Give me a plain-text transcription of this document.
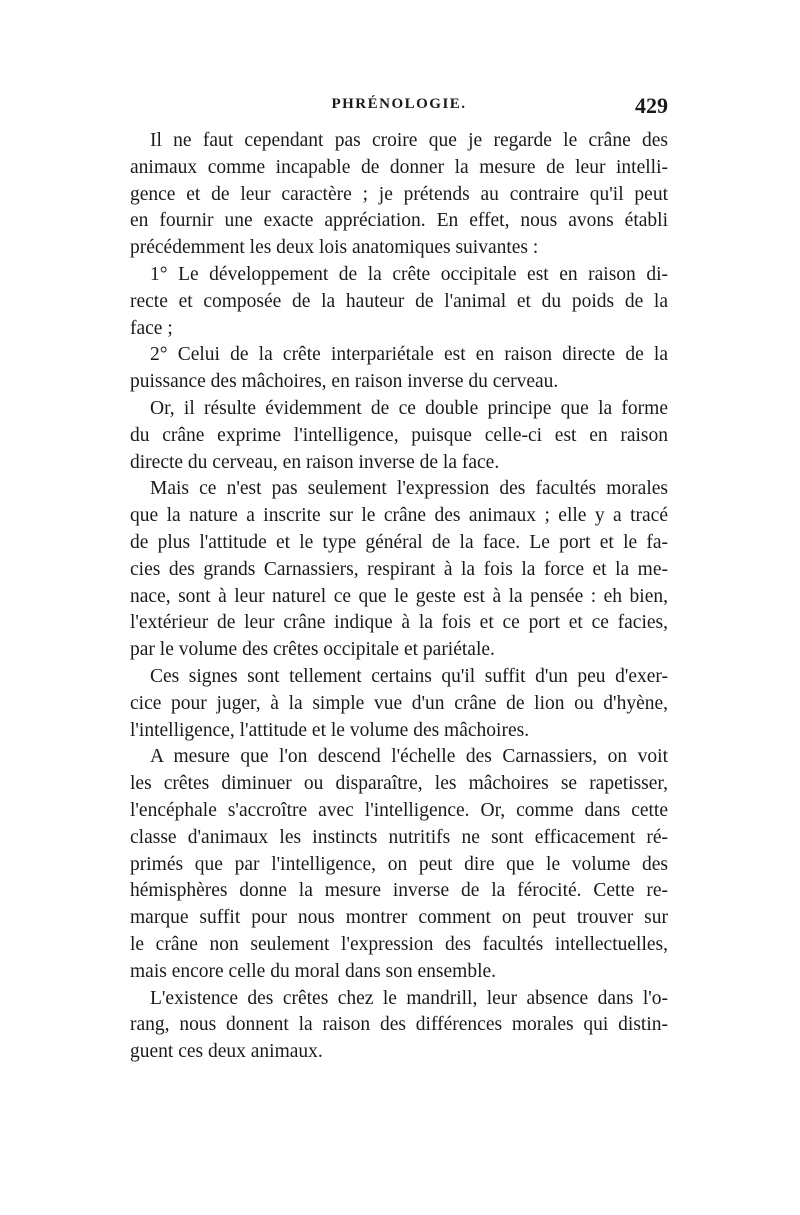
PHRÉNOLOGIE.	429
Il ne faut cependant pas croire que je regarde le crâne des
animaux comme incapable de donner la mesure de leur intelli-
gence et de leur caractère ; je prétends au contraire qu'il peut
en fournir une exacte appréciation. En effet, nous avons établi
précédemment les deux lois anatomiques suivantes :
1° Le développement de la crête occipitale est en raison di-
recte et composée de la hauteur de l'animal et du poids de la
face ;
2° Celui de la crête interpariétale est en raison directe de la
puissance des mâchoires, en raison inverse du cerveau.
Or, il résulte évidemment de ce double principe que la forme
du crâne exprime l'intelligence, puisque celle-ci est en raison
directe du cerveau, en raison inverse de la face.
Mais ce n'est pas seulement l'expression des facultés morales
que la nature a inscrite sur le crâne des animaux ; elle y a tracé
de plus l'attitude et le type général de la face. Le port et le fa-
cies des grands Carnassiers, respirant à la fois la force et la me-
nace, sont à leur naturel ce que le geste est à la pensée : eh bien,
l'extérieur de leur crâne indique à la fois et ce port et ce facies,
par le volume des crêtes occipitale et pariétale.
Ces signes sont tellement certains qu'il suffit d'un peu d'exer-
cice pour juger, à la simple vue d'un crâne de lion ou d'hyène,
l'intelligence, l'attitude et le volume des mâchoires.
A mesure que l'on descend l'échelle des Carnassiers, on voit
les crêtes diminuer ou disparaître, les mâchoires se rapetisser,
l'encéphale s'accroître avec l'intelligence. Or, comme dans cette
classe d'animaux les instincts nutritifs ne sont efficacement ré-
primés que par l'intelligence, on peut dire que le volume des
hémisphères donne la mesure inverse de la férocité. Cette re-
marque suffit pour nous montrer comment on peut trouver sur
le crâne non seulement l'expression des facultés intellectuelles,
mais encore celle du moral dans son ensemble.
L'existence des crêtes chez le mandrill, leur absence dans l'o-
rang, nous donnent la raison des différences morales qui distin-
guent ces deux animaux.
